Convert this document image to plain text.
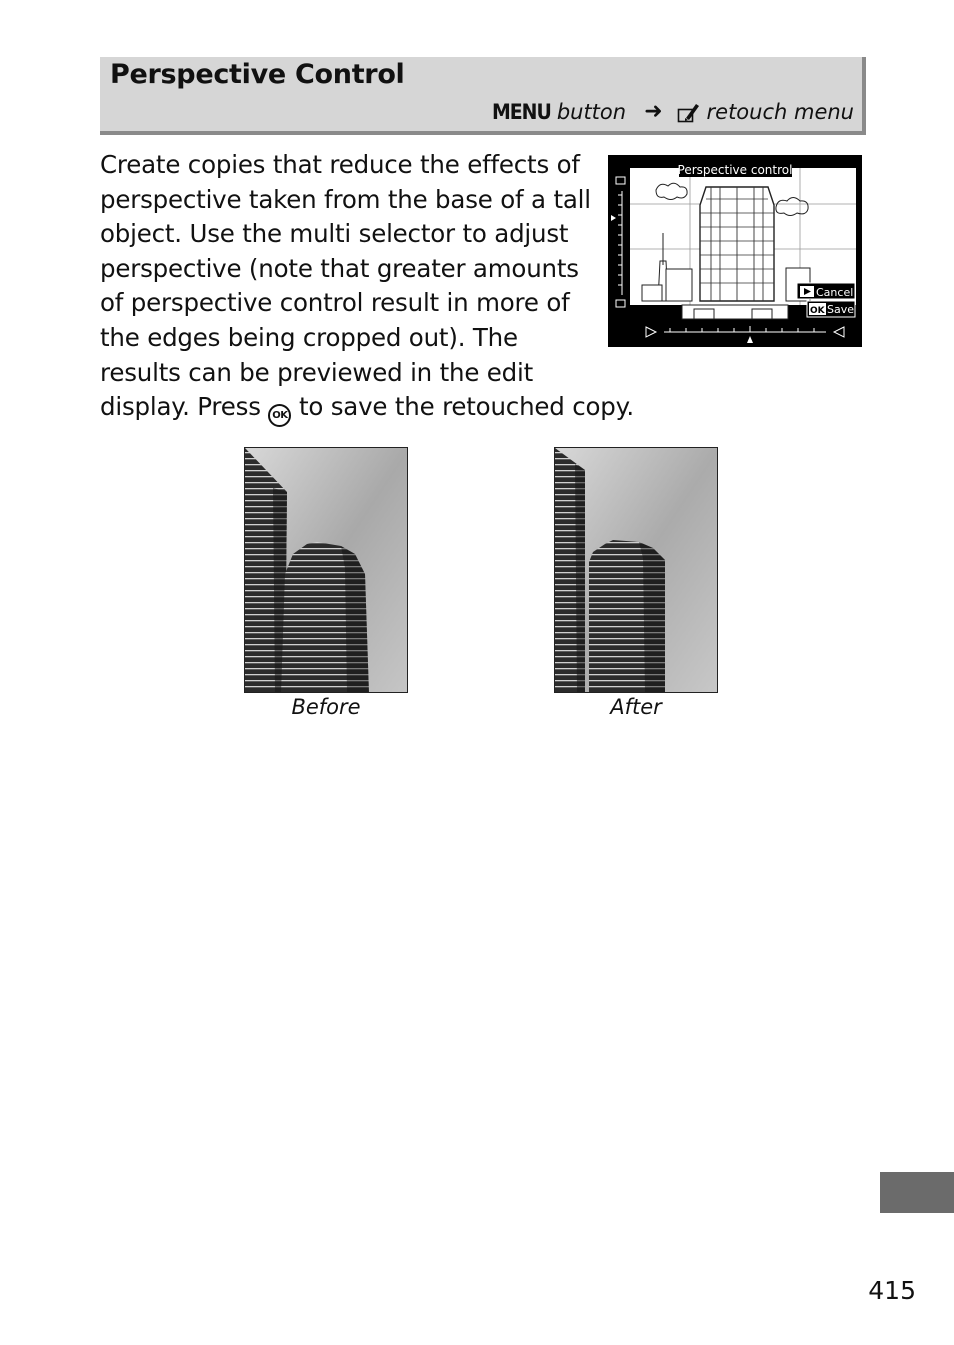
Perspective Control
MENU button ➜ retouch menu
Create copies that reduce the effects of
perspective taken from the base of a tall
object. Use the multi selector to adjust
perspective (note that greater amounts
of perspective control result in more of
the edges being cropped out). The
results can be previewed in the edit
display. Press OK to save the retouched copy.
Perspective control
Cancel
OK Save
Before	After
415
